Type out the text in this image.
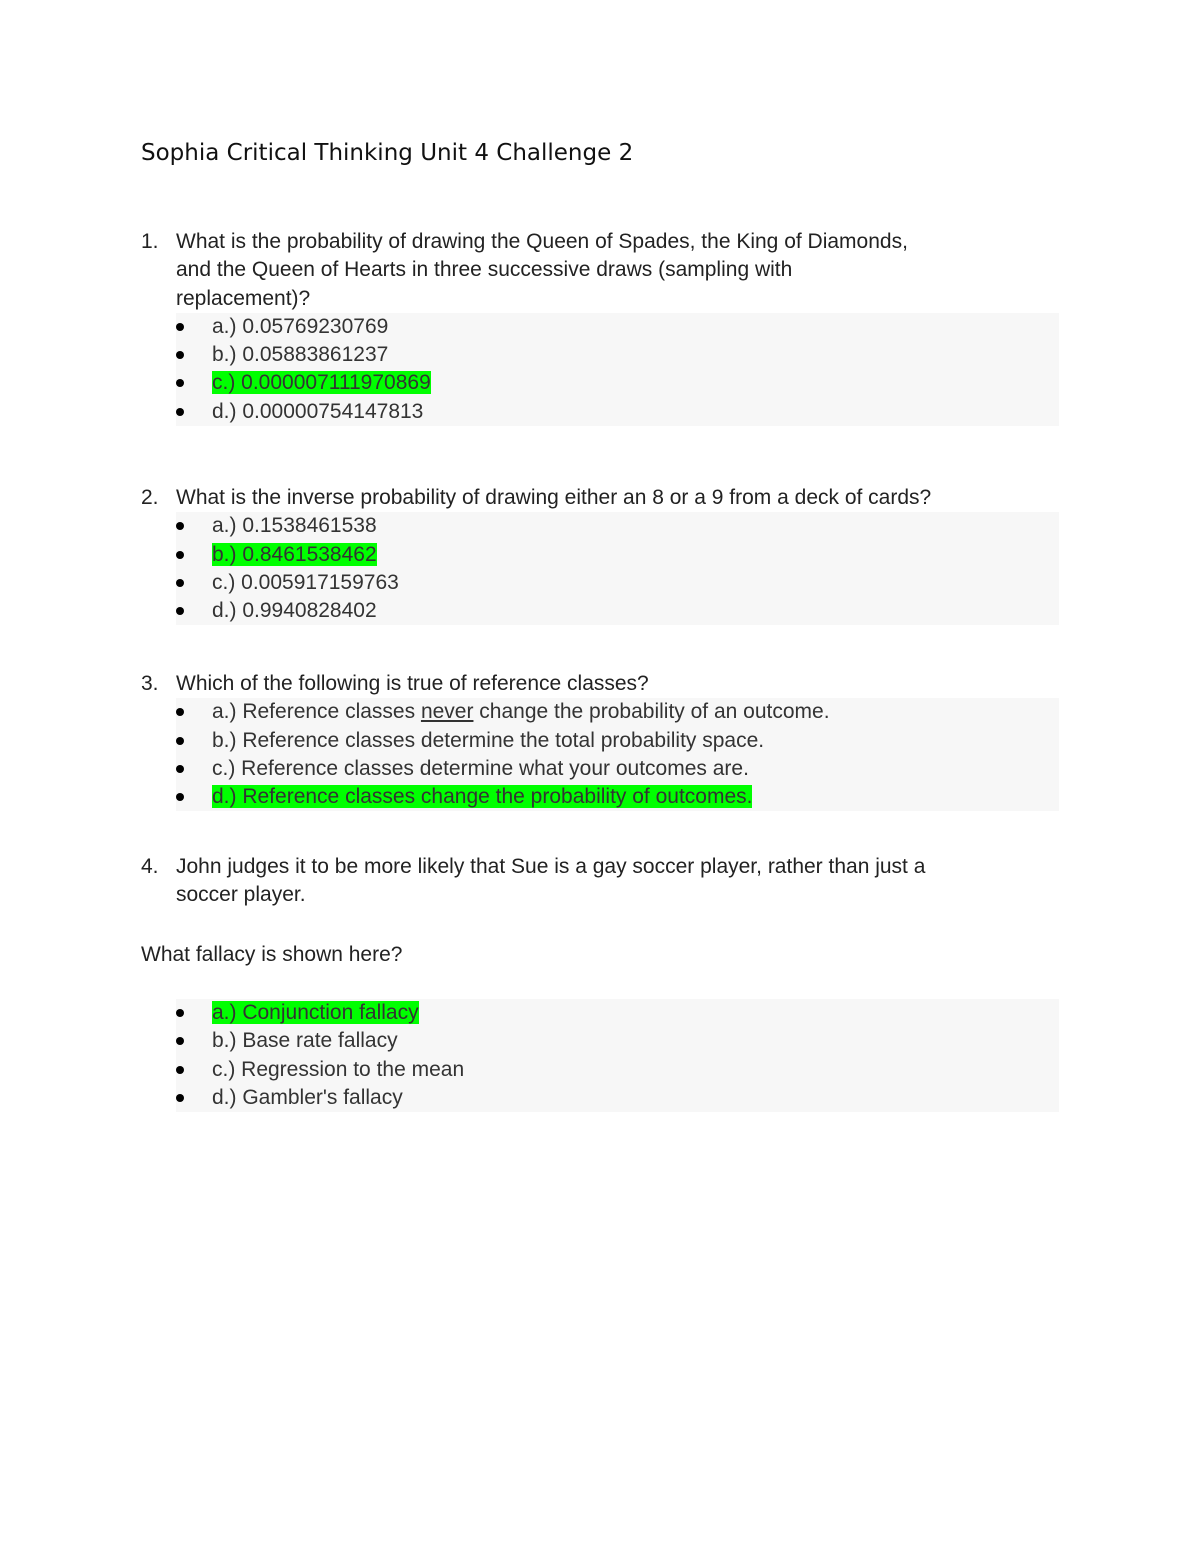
Sophia Critical Thinking Unit 4 Challenge 2
1. What is the probability of drawing the Queen of Spades, the King of Diamonds,
and the Queen of Hearts in three successive draws (sampling with
replacement)?
a.) 0.05769230769
b.) 0.05883861237
c.) 0.000007111970869
d.) 0.00000754147813
2. What is the inverse probability of drawing either an 8 or a 9 from a deck of cards?
a.) 0.1538461538
b.) 0.8461538462
c.) 0.005917159763
d.) 0.9940828402
3. Which of the following is true of reference classes?
a.) Reference classes never change the probability of an outcome.
b.) Reference classes determine the total probability space.
c.) Reference classes determine what your outcomes are.
d.) Reference classes change the probability of outcomes.
4. John judges it to be more likely that Sue is a gay soccer player, rather than just a
soccer player.

What fallacy is shown here?

a.) Conjunction fallacy
b.) Base rate fallacy
c.) Regression to the mean
d.) Gambler's fallacy
